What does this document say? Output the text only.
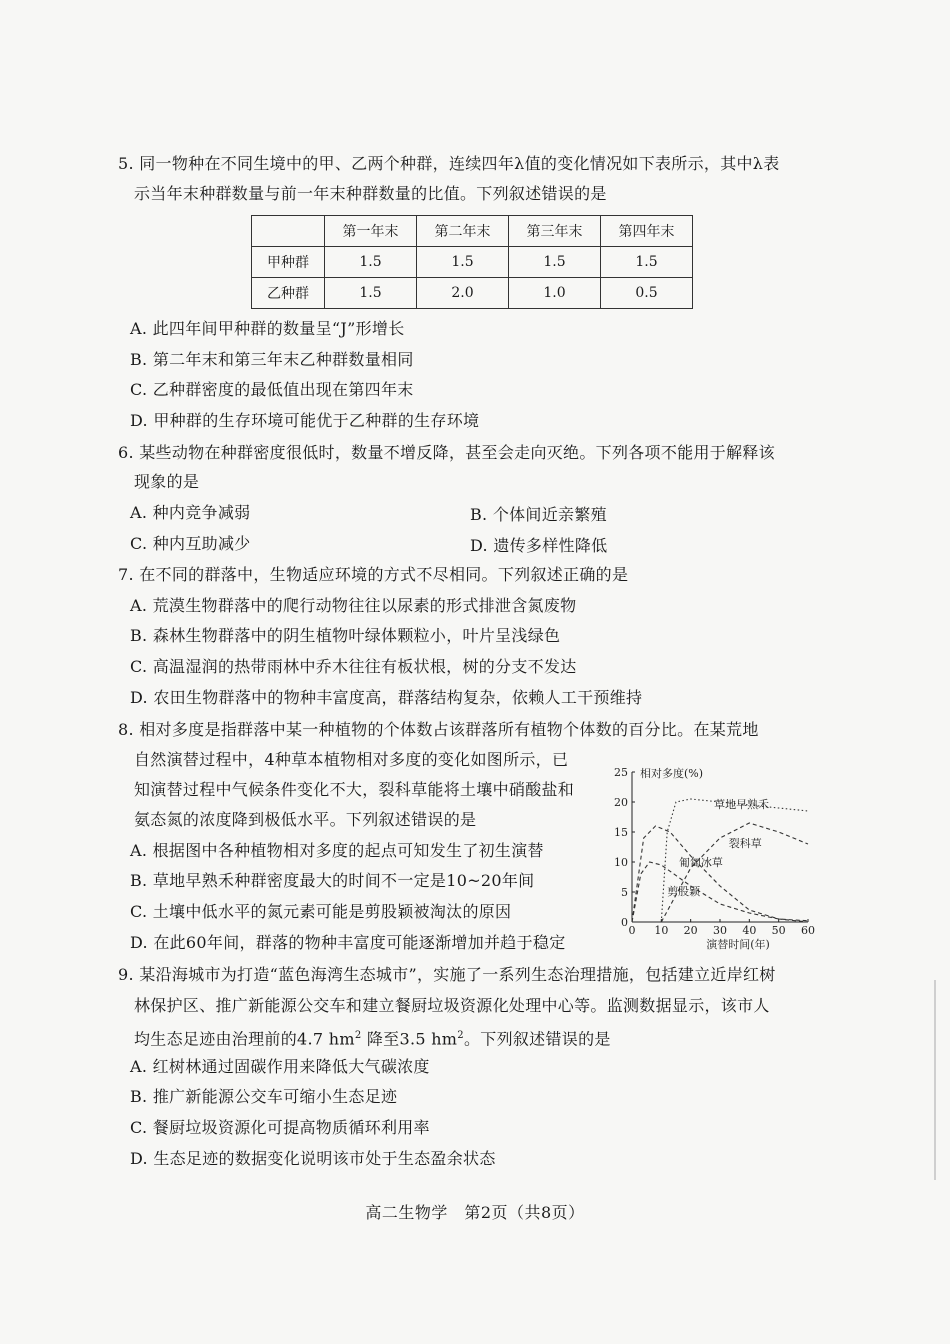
5. 同一物种在不同生境中的甲、乙两个种群，连续四年λ值的变化情况如下表所示，其中λ表
示当年末种群数量与前一年末种群数量的比值。下列叙述错误的是
	第一年末	第二年末	第三年末	第四年末
甲种群	1.5	1.5	1.5	1.5
乙种群	1.5	2.0	1.0	0.5
A. 此四年间甲种群的数量呈“J”形增长
B. 第二年末和第三年末乙种群数量相同
C. 乙种群密度的最低值出现在第四年末
D. 甲种群的生存环境可能优于乙种群的生存环境
6. 某些动物在种群密度很低时，数量不增反降，甚至会走向灭绝。下列各项不能用于解释该
现象的是
A. 种内竞争减弱	B. 个体间近亲繁殖
C. 种内互助减少	D. 遗传多样性降低
7. 在不同的群落中，生物适应环境的方式不尽相同。下列叙述正确的是
A. 荒漠生物群落中的爬行动物往往以尿素的形式排泄含氮废物
B. 森林生物群落中的阴生植物叶绿体颗粒小，叶片呈浅绿色
C. 高温湿润的热带雨林中乔木往往有板状根，树的分支不发达
D. 农田生物群落中的物种丰富度高，群落结构复杂，依赖人工干预维持
8. 相对多度是指群落中某一种植物的个体数占该群落所有植物个体数的百分比。在某荒地
自然演替过程中，4种草本植物相对多度的变化如图所示，已
知演替过程中气候条件变化不大，裂科草能将土壤中硝酸盐和
氨态氮的浓度降到极低水平。下列叙述错误的是
A. 根据图中各种植物相对多度的起点可知发生了初生演替
B. 草地早熟禾种群密度最大的时间不一定是10~20年间
C. 土壤中低水平的氮元素可能是剪股颖被淘汰的原因
D. 在此60年间，群落的物种丰富度可能逐渐增加并趋于稳定
0
5
10
15
20
25
0 10 20 30 40 50 60
相对多度(%)
演替时间(年)
草地早熟禾
裂科草
匍匐冰草
剪股颖
9. 某沿海城市为打造“蓝色海湾生态城市”，实施了一系列生态治理措施，包括建立近岸红树
林保护区、推广新能源公交车和建立餐厨垃圾资源化处理中心等。监测数据显示，该市人
均生态足迹由治理前的4.7 $hm^2$ 降至3.5 $hm^2$。下列叙述错误的是
A. 红树林通过固碳作用来降低大气碳浓度
B. 推广新能源公交车可缩小生态足迹
C. 餐厨垃圾资源化可提高物质循环利用率
D. 生态足迹的数据变化说明该市处于生态盈余状态
高二生物学　第2页（共8页）
